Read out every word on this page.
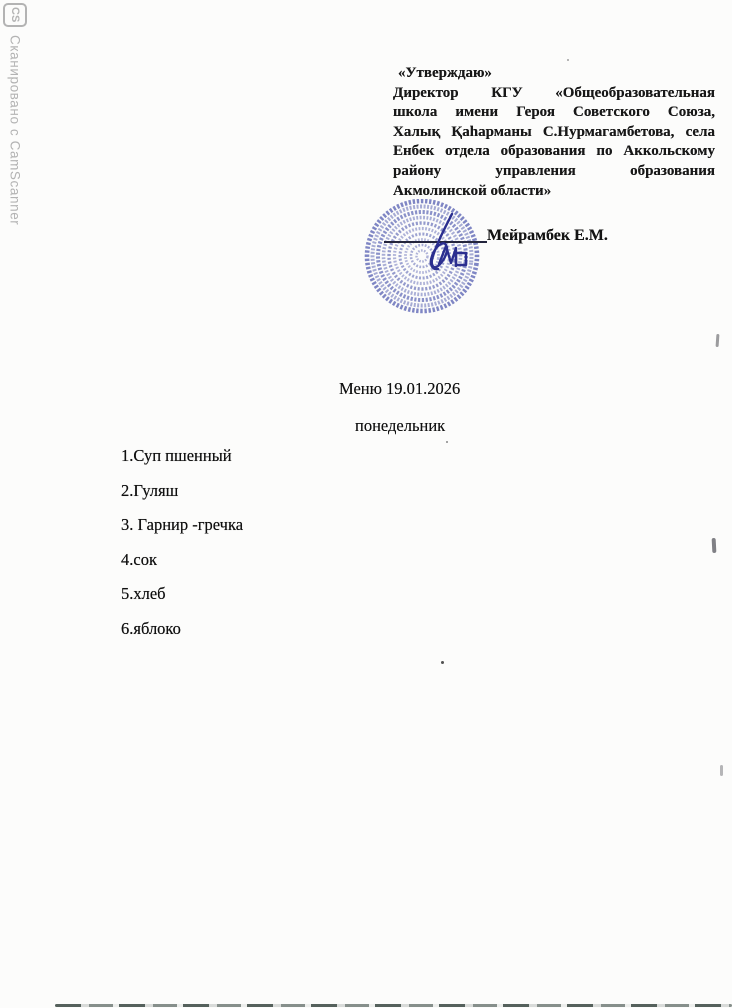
CS
Сканировано с CamScanner	«Утверждаю»
Директор КГУ «Общеобразовательная
школа имени Героя Советского Союза,
Халық Қаһарманы С.Нурмагамбетова, села
Енбек отдела образования по Аккольскому
району управления образования
Акмолинской области»
Мейрамбек Е.М.
Меню 19.01.2026
понедельник
1.Суп пшенный
2.Гуляш
3. Гарнир -гречка
4.сок
5.хлеб
6.яблоко
